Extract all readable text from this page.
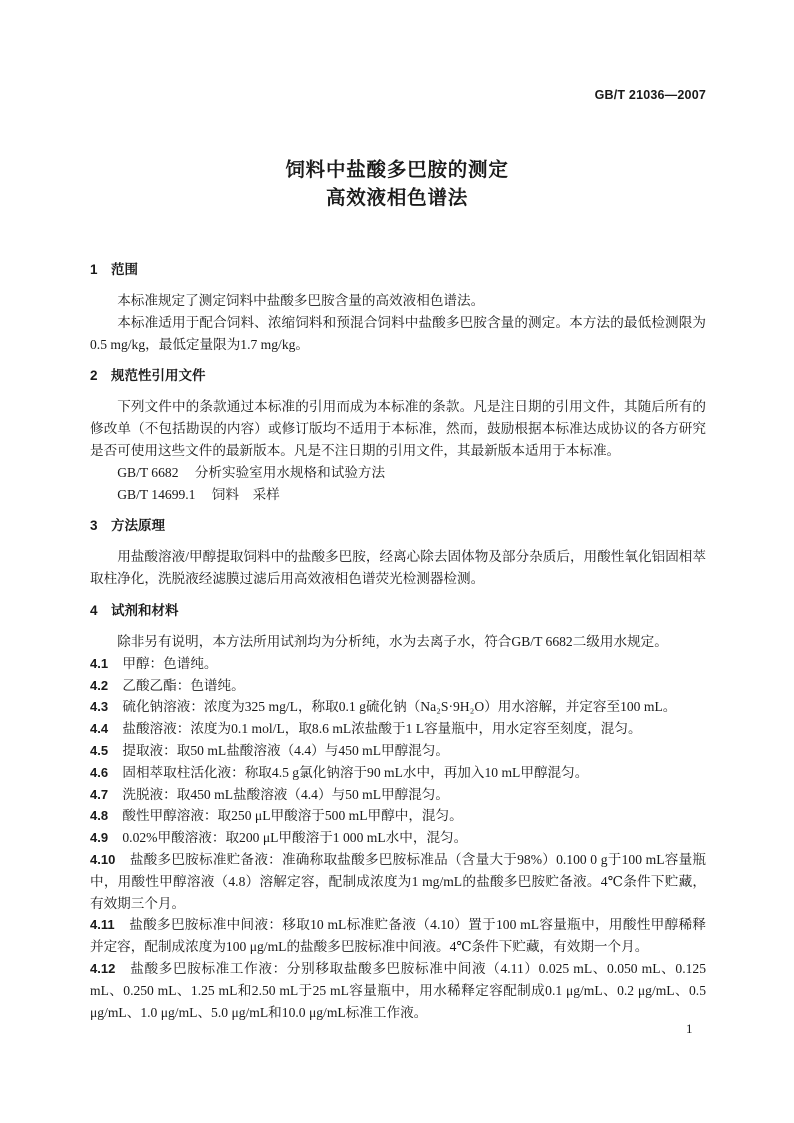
GB/T 21036—2007
饲料中盐酸多巴胺的测定
高效液相色谱法
1 范围

本标准规定了测定饲料中盐酸多巴胺含量的高效液相色谱法。

本标准适用于配合饲料、浓缩饲料和预混合饲料中盐酸多巴胺含量的测定。本方法的最低检测限为0.5 mg/kg，最低定量限为1.7 mg/kg。

2 规范性引用文件

下列文件中的条款通过本标准的引用而成为本标准的条款。凡是注日期的引用文件，其随后所有的修改单（不包括勘误的内容）或修订版均不适用于本标准，然而，鼓励根据本标准达成协议的各方研究是否可使用这些文件的最新版本。凡是不注日期的引用文件，其最新版本适用于本标准。

GB/T 6682 分析实验室用水规格和试验方法

GB/T 14699.1 饲料　采样

3 方法原理

用盐酸溶液/甲醇提取饲料中的盐酸多巴胺，经离心除去固体物及部分杂质后，用酸性氧化铝固相萃取柱净化，洗脱液经滤膜过滤后用高效液相色谱荧光检测器检测。

4 试剂和材料

除非另有说明，本方法所用试剂均为分析纯，水为去离子水，符合GB/T 6682二级用水规定。

4.1 甲醇：色谱纯。

4.2 乙酸乙酯：色谱纯。

4.3 硫化钠溶液：浓度为325 mg/L，称取0.1 g硫化钠（Na₂S·9H₂O）用水溶解，并定容至100 mL。

4.4 盐酸溶液：浓度为0.1 mol/L，取8.6 mL浓盐酸于1 L容量瓶中，用水定容至刻度，混匀。

4.5 提取液：取50 mL盐酸溶液（4.4）与450 mL甲醇混匀。

4.6 固相萃取柱活化液：称取4.5 g氯化钠溶于90 mL水中，再加入10 mL甲醇混匀。

4.7 洗脱液：取450 mL盐酸溶液（4.4）与50 mL甲醇混匀。

4.8 酸性甲醇溶液：取250 μL甲酸溶于500 mL甲醇中，混匀。

4.9 0.02%甲酸溶液：取200 μL甲酸溶于1 000 mL水中，混匀。

4.10 盐酸多巴胺标准贮备液：准确称取盐酸多巴胺标准品（含量大于98%）0.100 0 g于100 mL容量瓶中，用酸性甲醇溶液（4.8）溶解定容，配制成浓度为1 mg/mL的盐酸多巴胺贮备液。4℃条件下贮藏，有效期三个月。

4.11 盐酸多巴胺标准中间液：移取10 mL标准贮备液（4.10）置于100 mL容量瓶中，用酸性甲醇稀释并定容，配制成浓度为100 μg/mL的盐酸多巴胺标准中间液。4℃条件下贮藏，有效期一个月。

4.12 盐酸多巴胺标准工作液：分别移取盐酸多巴胺标准中间液（4.11）0.025 mL、0.050 mL、0.125 mL、0.250 mL、1.25 mL和2.50 mL于25 mL容量瓶中，用水稀释定容配制成0.1 μg/mL、0.2 μg/mL、0.5 μg/mL、1.0 μg/mL、5.0 μg/mL和10.0 μg/mL标准工作液。

1
